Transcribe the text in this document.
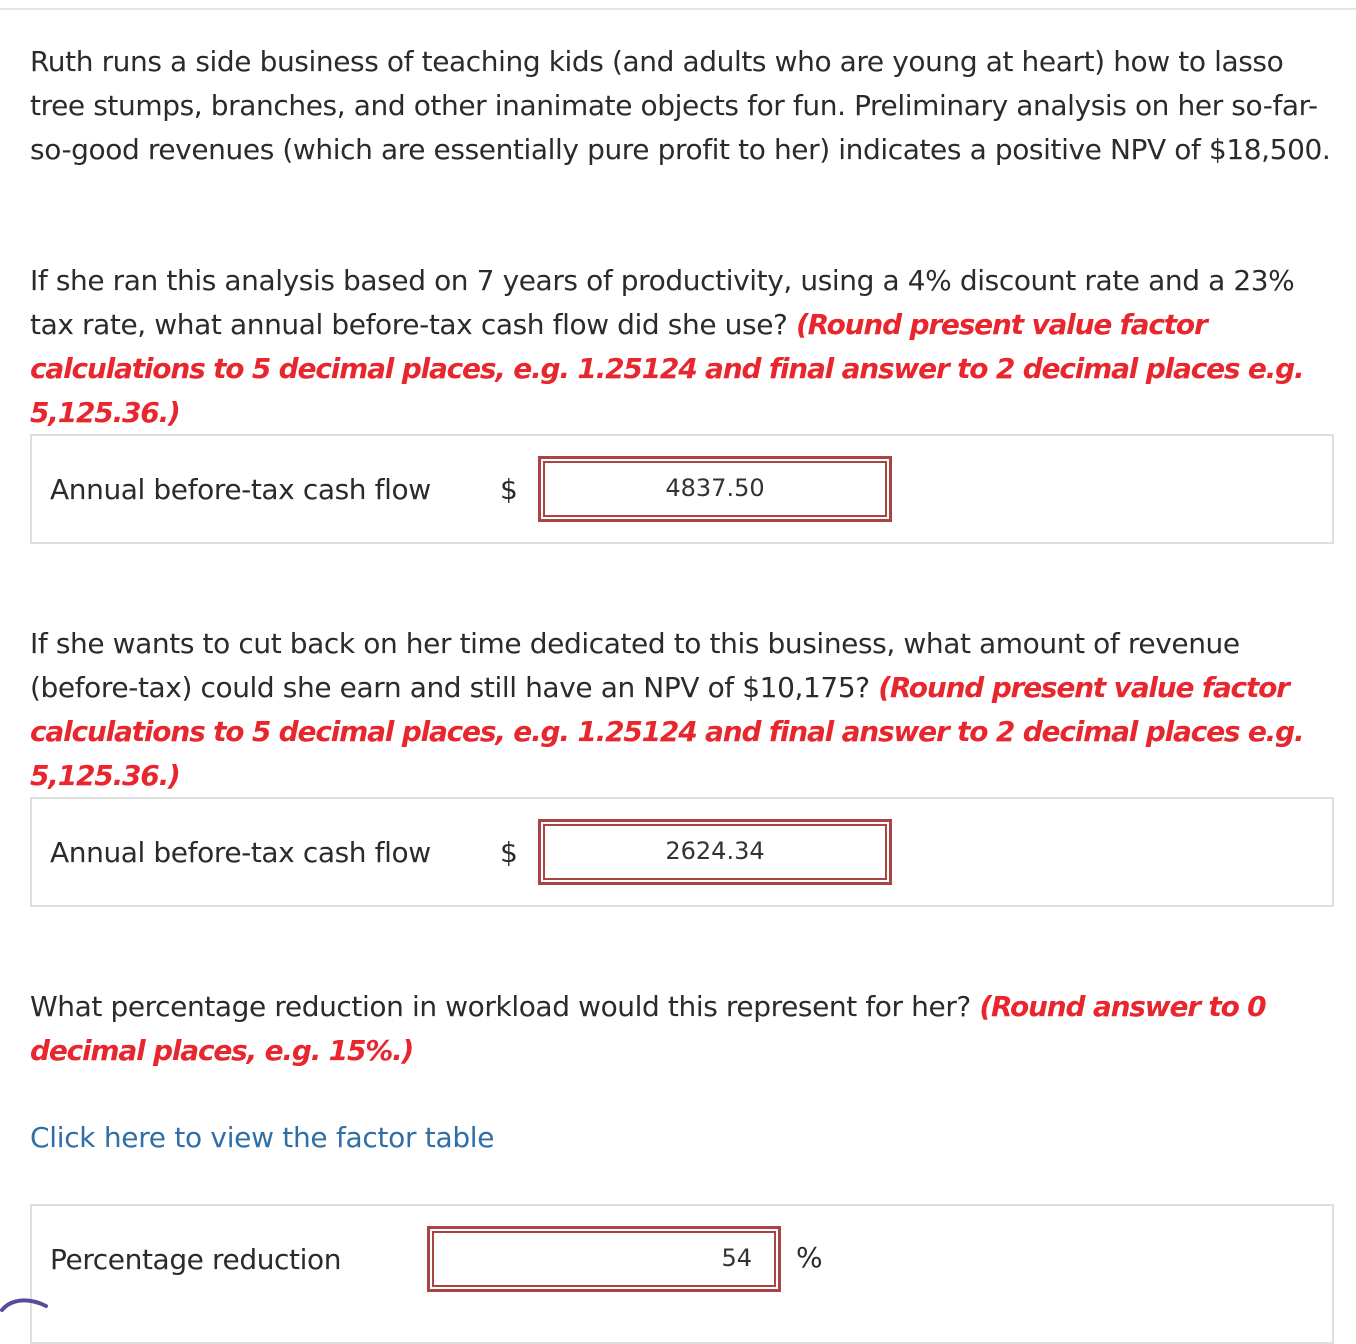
Ruth runs a side business of teaching kids (and adults who are young at heart) how to lasso tree stumps, branches, and other inanimate objects for fun. Preliminary analysis on her so-far-so-good revenues (which are essentially pure profit to her) indicates a positive NPV of $18,500.

If she ran this analysis based on 7 years of productivity, using a 4% discount rate and a 23% tax rate, what annual before-tax cash flow did she use? (Round present value factor calculations to 5 decimal places, e.g. 1.25124 and final answer to 2 decimal places e.g. 5,125.36.)

Annual before-tax cash flow $	4837.50

If she wants to cut back on her time dedicated to this business, what amount of revenue (before-tax) could she earn and still have an NPV of $10,175? (Round present value factor calculations to 5 decimal places, e.g. 1.25124 and final answer to 2 decimal places e.g. 5,125.36.)

Annual before-tax cash flow $	2624.34

What percentage reduction in workload would this represent for her? (Round answer to 0 decimal places, e.g. 15%.)

Click here to view the factor table
Percentage reduction	54	%
